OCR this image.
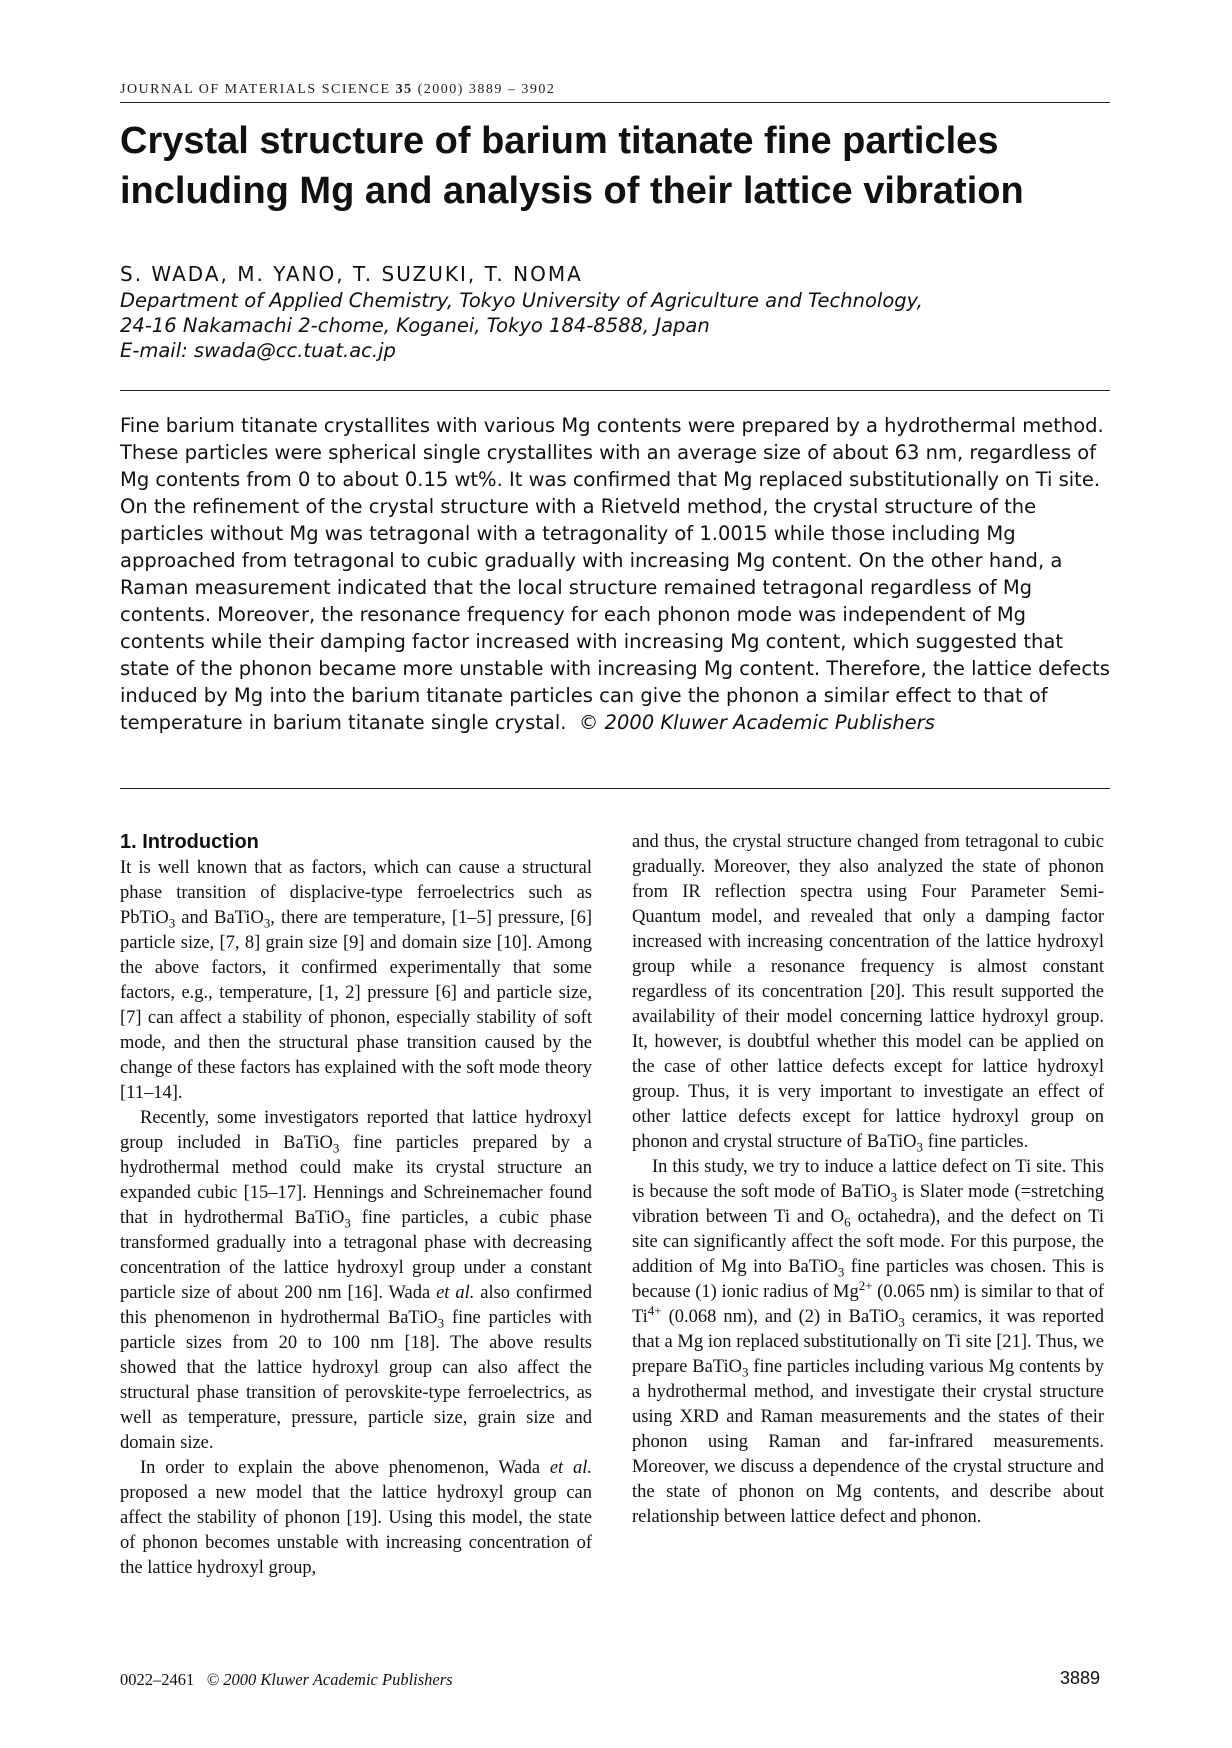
JOURNAL OF MATERIALS SCIENCE 35 (2000) 3889 – 3902
Crystal structure of barium titanate fine particles
including Mg and analysis of their lattice vibration
S. WADA, M. YANO, T. SUZUKI, T. NOMA
Department of Applied Chemistry, Tokyo University of Agriculture and Technology,
24-16 Nakamachi 2-chome, Koganei, Tokyo 184-8588, Japan
E-mail: swada@cc.tuat.ac.jp

Fine barium titanate crystallites with various Mg contents were prepared by a hydrothermal method. These particles were spherical single crystallites with an average size of about 63 nm, regardless of Mg contents from 0 to about 0.15 wt%. It was confirmed that Mg replaced substitutionally on Ti site. On the refinement of the crystal structure with a Rietveld method, the crystal structure of the particles without Mg was tetragonal with a tetragonality of 1.0015 while those including Mg approached from tetragonal to cubic gradually with increasing Mg content. On the other hand, a Raman measurement indicated that the local structure remained tetragonal regardless of Mg contents. Moreover, the resonance frequency for each phonon mode was independent of Mg contents while their damping factor increased with increasing Mg content, which suggested that state of the phonon became more unstable with increasing Mg content. Therefore, the lattice defects induced by Mg into the barium titanate particles can give the phonon a similar effect to that of temperature in barium titanate single crystal. © 2000 Kluwer Academic Publishers

1. Introduction

It is well known that as factors, which can cause a structural phase transition of displacive-type ferroelectrics such as PbTiO$_3$ and BaTiO$_3$, there are temperature, [1–5] pressure, [6] particle size, [7, 8] grain size [9] and domain size [10]. Among the above factors, it confirmed experimentally that some factors, e.g., temperature, [1, 2] pressure [6] and particle size, [7] can affect a stability of phonon, especially stability of soft mode, and then the structural phase transition caused by the change of these factors has explained with the soft mode theory [11–14].

Recently, some investigators reported that lattice hydroxyl group included in BaTiO$_3$ fine particles prepared by a hydrothermal method could make its crystal structure an expanded cubic [15–17]. Hennings and Schreinemacher found that in hydrothermal BaTiO$_3$ fine particles, a cubic phase transformed gradually into a tetragonal phase with decreasing concentration of the lattice hydroxyl group under a constant particle size of about 200 nm [16]. Wada et al. also confirmed this phenomenon in hydrothermal BaTiO$_3$ fine particles with particle sizes from 20 to 100 nm [18]. The above results showed that the lattice hydroxyl group can also affect the structural phase transition of perovskite-type ferroelectrics, as well as temperature, pressure, particle size, grain size and domain size.

In order to explain the above phenomenon, Wada et al. proposed a new model that the lattice hydroxyl group can affect the stability of phonon [19]. Using this model, the state of phonon becomes unstable with increasing concentration of the lattice hydroxyl group,

and thus, the crystal structure changed from tetragonal to cubic gradually. Moreover, they also analyzed the state of phonon from IR reflection spectra using Four Parameter Semi-Quantum model, and revealed that only a damping factor increased with increasing concentration of the lattice hydroxyl group while a resonance frequency is almost constant regardless of its concentration [20]. This result supported the availability of their model concerning lattice hydroxyl group. It, however, is doubtful whether this model can be applied on the case of other lattice defects except for lattice hydroxyl group. Thus, it is very important to investigate an effect of other lattice defects except for lattice hydroxyl group on phonon and crystal structure of BaTiO$_3$ fine particles.

In this study, we try to induce a lattice defect on Ti site. This is because the soft mode of BaTiO$_3$ is Slater mode (=stretching vibration between Ti and $O_6$ octahedra), and the defect on Ti site can significantly affect the soft mode. For this purpose, the addition of Mg into BaTiO$_3$ fine particles was chosen. This is because (1) ionic radius of $Mg^{2+}$ (0.065 nm) is similar to that of $Ti^{4+}$ (0.068 nm), and (2) in BaTiO$_3$ ceramics, it was reported that a Mg ion replaced substitutionally on Ti site [21]. Thus, we prepare BaTiO$_3$ fine particles including various Mg contents by a hydrothermal method, and investigate their crystal structure using XRD and Raman measurements and the states of their phonon using Raman and far-infrared measurements. Moreover, we discuss a dependence of the crystal structure and the state of phonon on Mg contents, and describe about relationship between lattice defect and phonon.

0022–2461 © 2000 Kluwer Academic Publishers	3889
